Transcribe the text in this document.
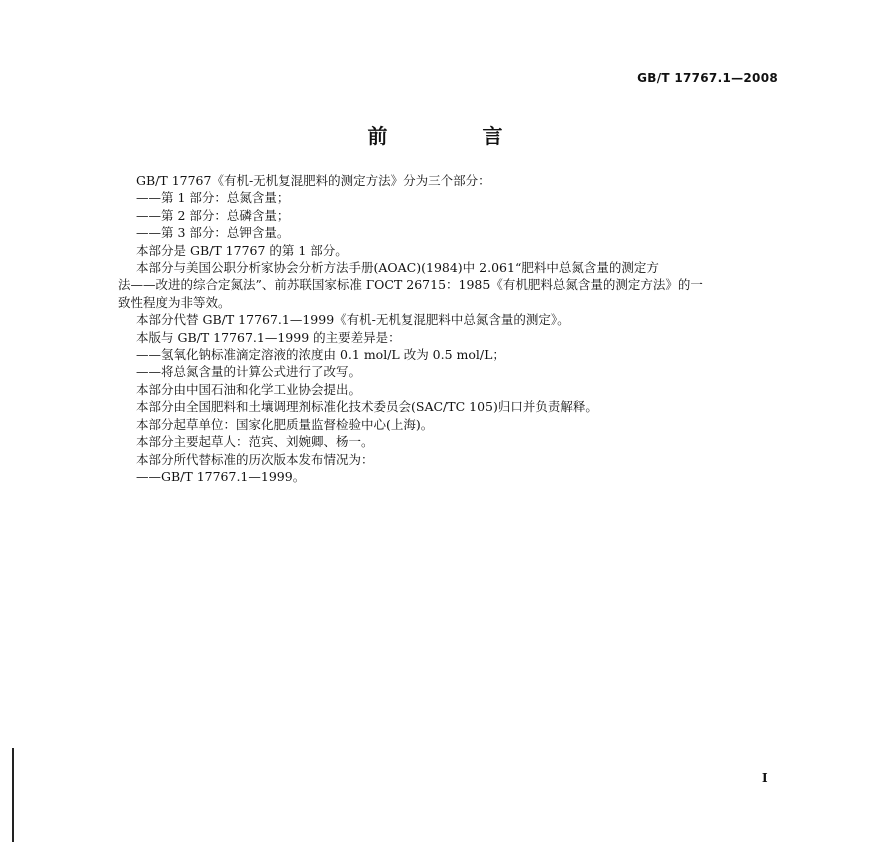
GB/T 17767.1—2008
前 言

GB/T 17767《有机-无机复混肥料的测定方法》分为三个部分：

——第 1 部分：总氮含量；

——第 2 部分：总磷含量；

——第 3 部分：总钾含量。

本部分是 GB/T 17767 的第 1 部分。

本部分与美国公职分析家协会分析方法手册(AOAC)(1984)中 2.061“肥料中总氮含量的测定方

法——改进的综合定氮法”、前苏联国家标准 ГОСТ 26715：1985《有机肥料总氮含量的测定方法》的一

致性程度为非等效。

本部分代替 GB/T 17767.1—1999《有机-无机复混肥料中总氮含量的测定》。

本版与 GB/T 17767.1—1999 的主要差异是：

——氢氧化钠标准滴定溶液的浓度由 0.1 mol/L 改为 0.5 mol/L；

——将总氮含量的计算公式进行了改写。

本部分由中国石油和化学工业协会提出。

本部分由全国肥料和土壤调理剂标准化技术委员会(SAC/TC 105)归口并负责解释。

本部分起草单位：国家化肥质量监督检验中心(上海)。

本部分主要起草人：范宾、刘婉卿、杨一。

本部分所代替标准的历次版本发布情况为：

——GB/T 17767.1—1999。

I
